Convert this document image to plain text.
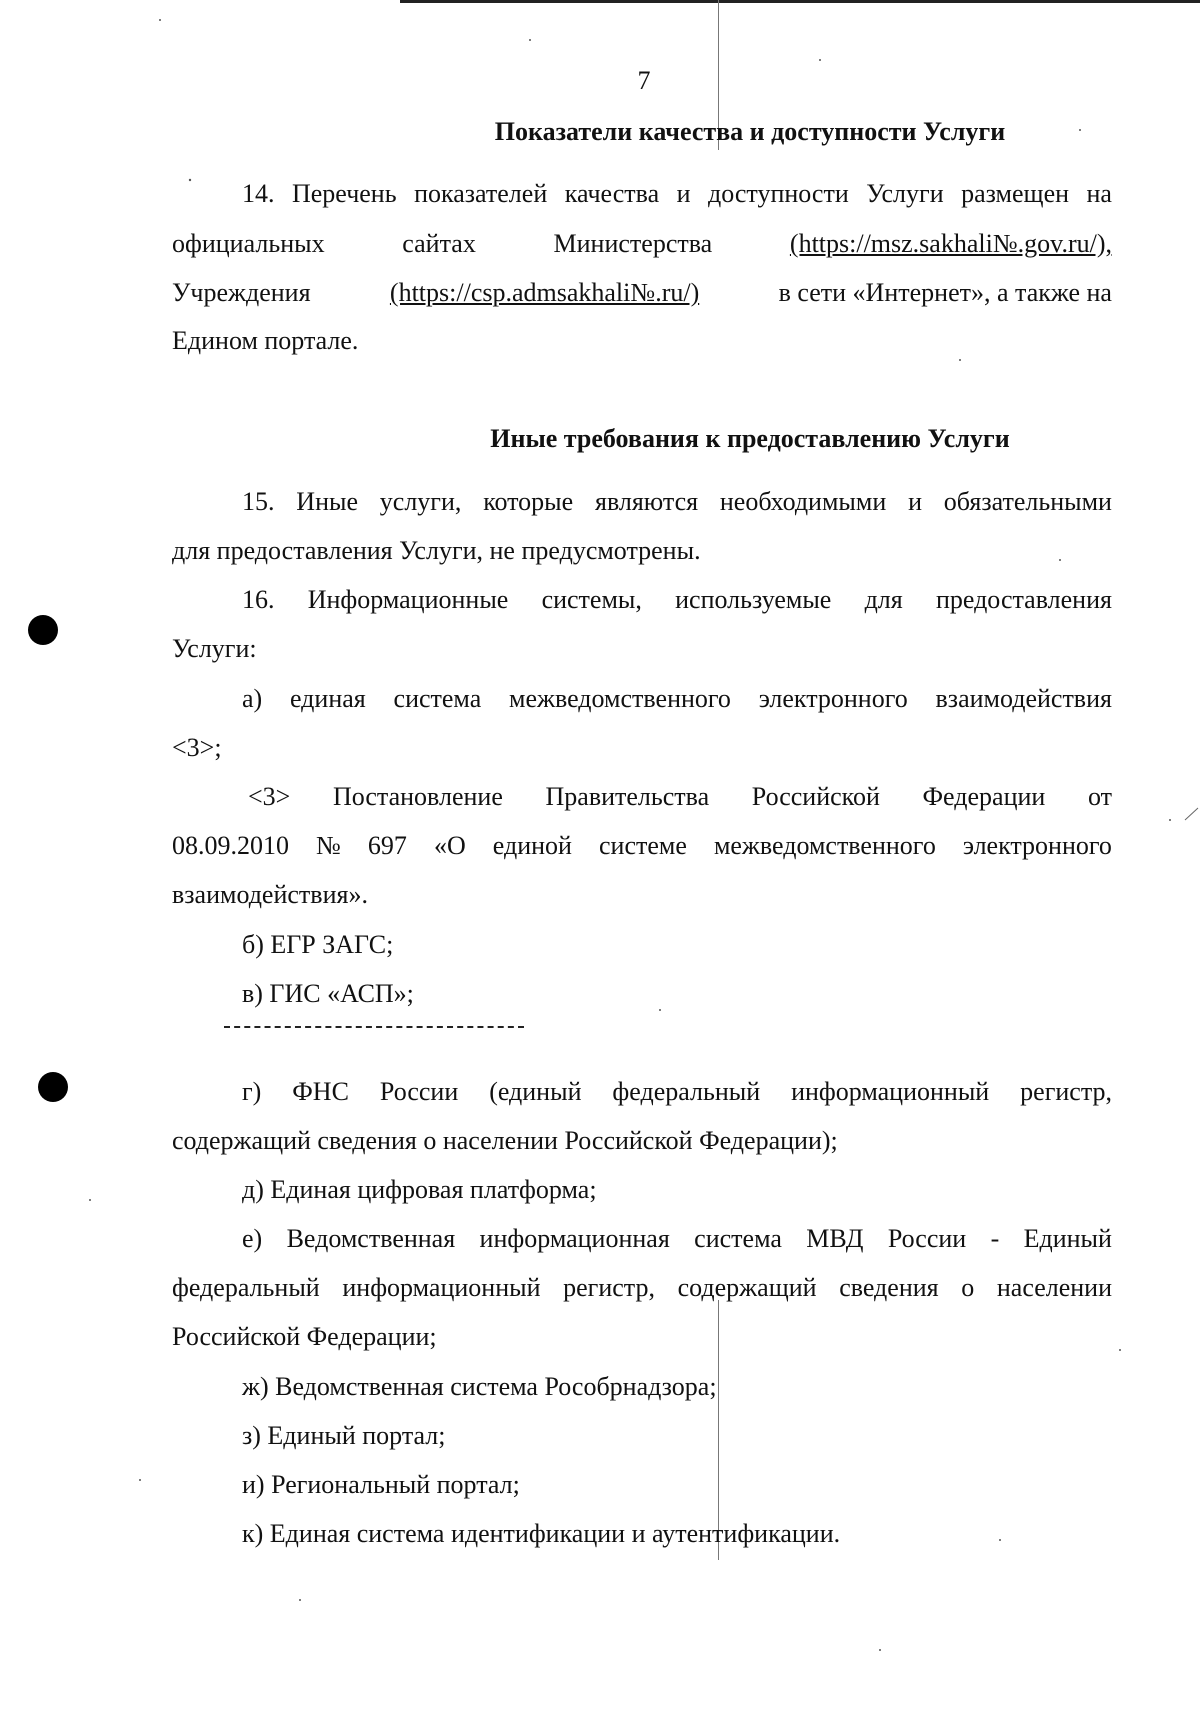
7
Показатели качества и доступности Услуги
14. Перечень показателей качества и доступности Услуги размещен на
официальных	сайтах	Министерства	(https://msz.sakhali№.gov.ru/),
Учреждения	(https://csp.admsakhali№.ru/)	в сети «Интернет», а также на
Едином портале.
Иные требования к предоставлению Услуги
15. Иные услуги, которые являются необходимыми и обязательными
для предоставления Услуги, не предусмотрены.
16. Информационные системы, используемые для предоставления
Услуги:
а) единая система межведомственного электронного взаимодействия
<3>;
<3> Постановление Правительства Российской Федерации от
08.09.2010 № 697 «О единой системе межведомственного электронного
взаимодействия».
б) ЕГР ЗАГС;
в) ГИС «АСП»;
г) ФНС России (единый федеральный информационный регистр,
содержащий сведения о населении Российской Федерации);
д) Единая цифровая платформа;
е) Ведомственная информационная система МВД России - Единый
федеральный информационный регистр, содержащий сведения о населении
Российской Федерации;
ж) Ведомственная система Рособрнадзора;
з) Единый портал;
и) Региональный портал;
к) Единая система идентификации и аутентификации.
